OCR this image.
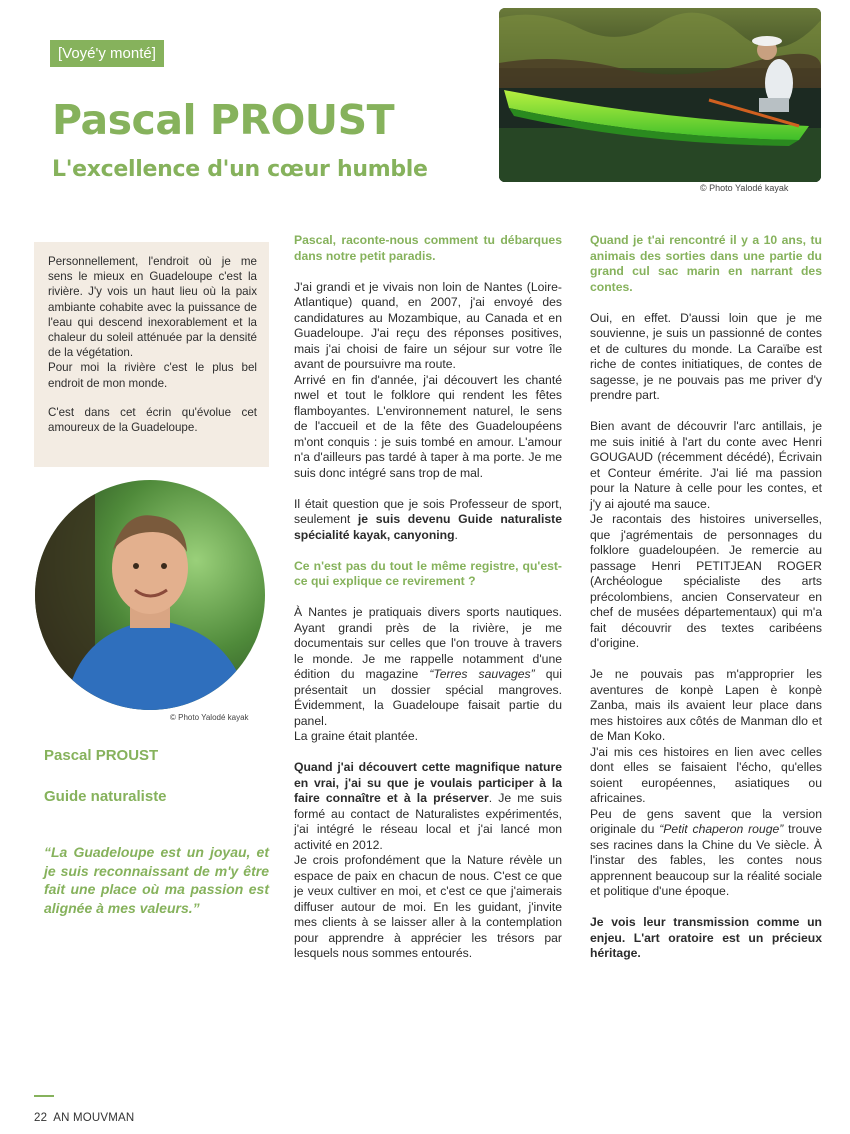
[Voyé'y monté]
Pascal PROUST
L'excellence d'un cœur humble
© Photo Yalodé kayak

Personnellement, l'endroit où je me sens le mieux en Guadeloupe c'est la rivière. J'y vois un haut lieu où la paix ambiante cohabite avec la puissance de l'eau qui descend inexorablement et la chaleur du soleil atténuée par la densité de la végétation.

Pour moi la rivière c'est le plus bel endroit de mon monde.

C'est dans cet écrin qu'évolue cet amoureux de la Guadeloupe.

© Photo Yalodé kayak
Pascal PROUST
Guide naturaliste
“La Guadeloupe est un joyau, et je suis reconnaissant de m'y être fait une place où ma passion est alignée à mes valeurs.”

Pascal, raconte-nous comment tu débarques dans notre petit paradis.

J'ai grandi et je vivais non loin de Nantes (Loire-Atlantique) quand, en 2007, j'ai envoyé des candidatures au Mozambique, au Canada et en Guadeloupe. J'ai reçu des réponses positives, mais j'ai choisi de faire un séjour sur votre île avant de poursuivre ma route.

Arrivé en fin d'année, j'ai découvert les chanté nwel et tout le folklore qui rendent les fêtes flamboyantes. L'environnement naturel, le sens de l'accueil et de la fête des Guadeloupéens m'ont conquis : je suis tombé en amour. L'amour n'a d'ailleurs pas tardé à taper à ma porte. Je me suis donc intégré sans trop de mal.

Il était question que je sois Professeur de sport, seulement je suis devenu Guide naturaliste spécialité kayak, canyoning.

Ce n'est pas du tout le même registre, qu'est-ce qui explique ce revirement ?

À Nantes je pratiquais divers sports nautiques. Ayant grandi près de la rivière, je me documentais sur celles que l'on trouve à travers le monde. Je me rappelle notamment d'une édition du magazine “Terres sauvages” qui présentait un dossier spécial mangroves. Évidemment, la Guadeloupe faisait partie du panel.

La graine était plantée.

Quand j'ai découvert cette magnifique nature en vrai, j'ai su que je voulais participer à la faire connaître et à la préserver. Je me suis formé au contact de Naturalistes expérimentés, j'ai intégré le réseau local et j'ai lancé mon activité en 2012.

Je crois profondément que la Nature révèle un espace de paix en chacun de nous. C'est ce que je veux cultiver en moi, et c'est ce que j'aimerais diffuser autour de moi. En les guidant, j'invite mes clients à se laisser aller à la contemplation pour apprendre à apprécier les trésors par lesquels nous sommes entourés.

Quand je t'ai rencontré il y a 10 ans, tu animais des sorties dans une partie du grand cul sac marin en narrant des contes.

Oui, en effet. D'aussi loin que je me souvienne, je suis un passionné de contes et de cultures du monde. La Caraïbe est riche de contes initiatiques, de contes de sagesse, je ne pouvais pas me priver d'y prendre part.

Bien avant de découvrir l'arc antillais, je me suis initié à l'art du conte avec Henri GOUGAUD (récemment décédé), Écrivain et Conteur émérite. J'ai lié ma passion pour la Nature à celle pour les contes, et j'y ai ajouté ma sauce.

Je racontais des histoires universelles, que j'agrémentais de personnages du folklore guadeloupéen. Je remercie au passage Henri PETITJEAN ROGER (Archéologue spécialiste des arts précolombiens, ancien Conservateur en chef de musées départementaux) qui m'a fait découvrir des textes caribéens d'origine.

Je ne pouvais pas m'approprier les aventures de konpè Lapen è konpè Zanba, mais ils avaient leur place dans mes histoires aux côtés de Manman dlo et de Man Koko.

J'ai mis ces histoires en lien avec celles dont elles se faisaient l'écho, qu'elles soient européennes, asiatiques ou africaines.

Peu de gens savent que la version originale du “Petit chaperon rouge” trouve ses racines dans la Chine du Ve siècle. À l'instar des fables, les contes nous apprennent beaucoup sur la réalité sociale et politique d'une époque.

Je vois leur transmission comme un enjeu. L'art oratoire est un précieux héritage.

22 AN MOUVMAN
